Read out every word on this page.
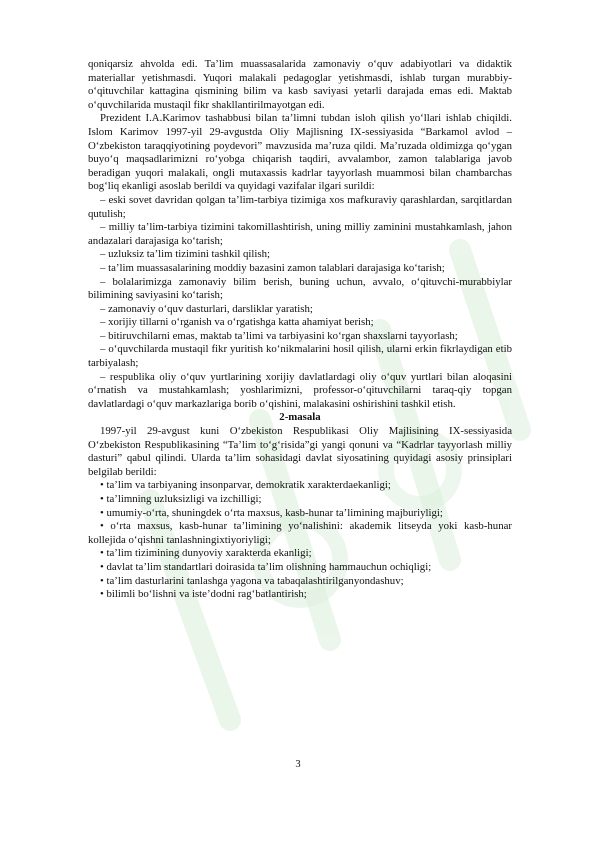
qoniqarsiz ahvolda edi. Ta’lim muassasalarida zamonaviy o‘quv adabiyotlari va didaktik materiallar yetishmasdi. Yuqori malakali pedagoglar yetishmasdi, ishlab turgan murabbiy-o‘qituvchilar kattagina qismining bilim va kasb saviyasi yetarli darajada emas edi. Maktab o‘quvchilarida mustaqil fikr shakllantirilmayotgan edi.

Prezident I.A.Karimov tashabbusi bilan ta’limni tubdan isloh qilish yo‘llari ishlab chiqildi. Islom Karimov 1997-yil 29-avgustda Oliy Majlisning IX-sessiyasida “Barkamol avlod – O‘zbekiston taraqqiyotining poydevori” mavzusida ma’ruza qildi. Ma’ruzada oldimizga qo‘ygan buyo‘q maqsadlarimizni ro‘yobga chiqarish taqdiri, avvalambor, zamon talablariga javob beradigan yuqori malakali, ongli mutaxassis kadrlar tayyorlash muammosi bilan chambarchas bog‘liq ekanligi asoslab berildi va quyidagi vazifalar ilgari surildi:

– eski sovet davridan qolgan ta’lim-tarbiya tizimiga xos mafkuraviy qarashlardan, sarqitlardan qutulish;

– milliy ta’lim-tarbiya tizimini takomillashtirish, uning milliy zaminini mustahkamlash, jahon andazalari darajasiga ko‘tarish;

– uzluksiz ta’lim tizimini tashkil qilish;

– ta’lim muassasalarining moddiy bazasini zamon talablari darajasiga ko‘tarish;

– bolalarimizga zamonaviy bilim berish, buning uchun, avvalo, o‘qituvchi-murabbiylar bilimining saviyasini ko‘tarish;

– zamonaviy o‘quv dasturlari, darsliklar yaratish;

– xorijiy tillarni o‘rganish va o‘rgatishga katta ahamiyat berish;

– bitiruvchilarni emas, maktab ta’limi va tarbiyasini ko‘rgan shaxslarni tayyorlash;

– o‘quvchilarda mustaqil fikr yuritish ko‘nikmalarini hosil qilish, ularni erkin fikrlaydigan etib tarbiyalash;

– respublika oliy o‘quv yurtlarining xorijiy davlatlardagi oliy o‘quv yurtlari bilan aloqasini o‘rnatish va mustahkamlash; yoshlarimizni, professor-o‘qituvchilarni taraq-qiy topgan davlatlardagi o‘quv markazlariga borib o‘qishini, malakasini oshirishini tashkil etish.

2-masala

1997-yil 29-avgust kuni O‘zbekiston Respublikasi Oliy Majlisining IX-sessiyasida O‘zbekiston Respublikasining “Ta’lim to‘g‘risida”gi yangi qonuni va “Kadrlar tayyorlash milliy dasturi” qabul qilindi. Ularda ta’lim sohasidagi davlat siyosatining quyidagi asosiy prinsiplari belgilab berildi:

• ta’lim va tarbiyaning insonparvar, demokratik xarakterdaekanligi;

• ta’limning uzluksizligi va izchilligi;

• umumiy-o‘rta, shuningdek o‘rta maxsus, kasb-hunar ta’limining majburiyligi;

• o‘rta maxsus, kasb-hunar ta’limining yo‘nalishini: akademik litseyda yoki kasb-hunar kollejida o‘qishni tanlashningixtiyoriyligi;

• ta’lim tizimining dunyoviy xarakterda ekanligi;

• davlat ta’lim standartlari doirasida ta’lim olishning hammauchun ochiqligi;

• ta’lim dasturlarini tanlashga yagona va tabaqalashtirilganyondashuv;

• bilimli bo‘lishni va iste’dodni rag‘batlantirish;

3
